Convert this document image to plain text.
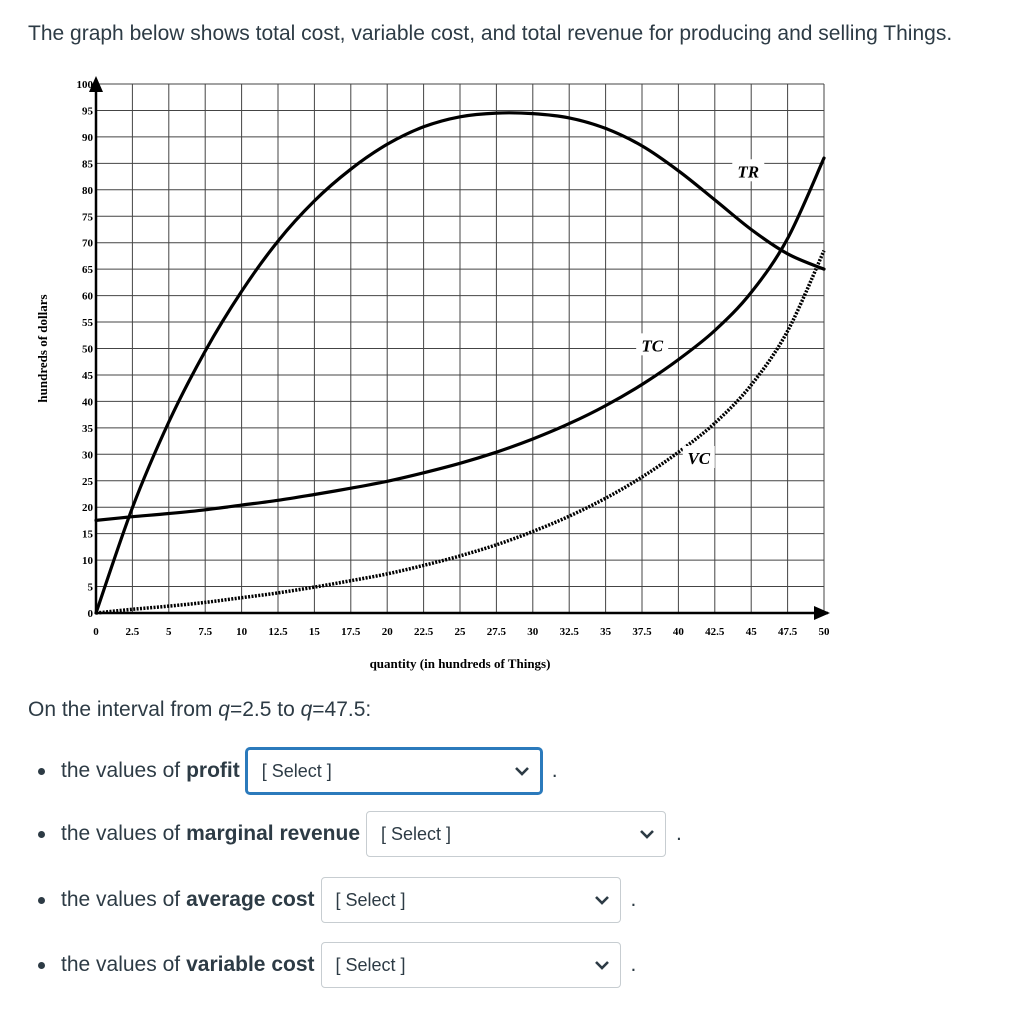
The graph below shows total cost, variable cost, and total revenue for producing and selling Things.
0 2.5 5 7.5 10 12.5 15 17.5 20 22.5 25 27.5 30 32.5 35 37.5 40 42.5 45 47.5 50
0
5
10
15
20
25
30
35
40
45
50
55
60
65
70
75
80
85
90
95
100
quantity (in hundreds of Things)
hundreds of dollars
TR
TC
VC

On the interval from q=2.5 to q=47.5:

the values of profit [ Select ]	.
the values of marginal revenue [ Select ]	.
the values of average cost [ Select ]	.
the values of variable cost [ Select ]	.
